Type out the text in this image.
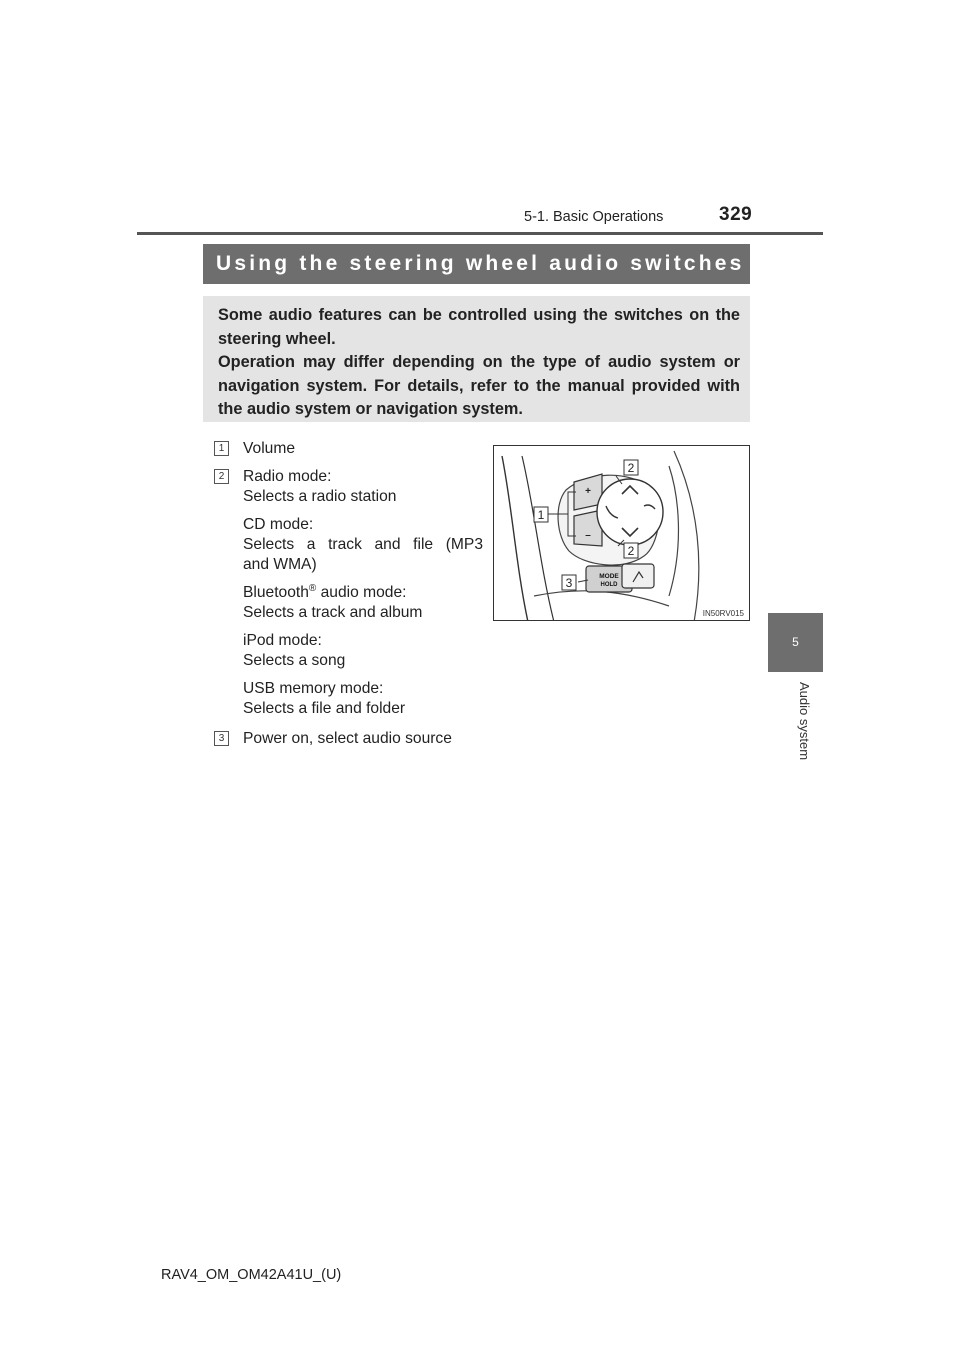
5-1. Basic Operations	329
Using the steering wheel audio switches

Some audio features can be controlled using the switches on the steering wheel.

Operation may differ depending on the type of audio system or navigation system. For details, refer to the manual provided with the audio system or navigation system.

5
Audio system
1	Volume
2	Radio mode:
Selects a radio station
CD mode:
Selects a track and file (MP3
and WMA)
Bluetooth® audio mode:
Selects a track and album
iPod mode:
Selects a song
USB memory mode:
Selects a file and folder
3	Power on, select audio source
1
2
2
3
+
–
MODE
HOLD
IN50RV015
RAV4_OM_OM42A41U_(U)
